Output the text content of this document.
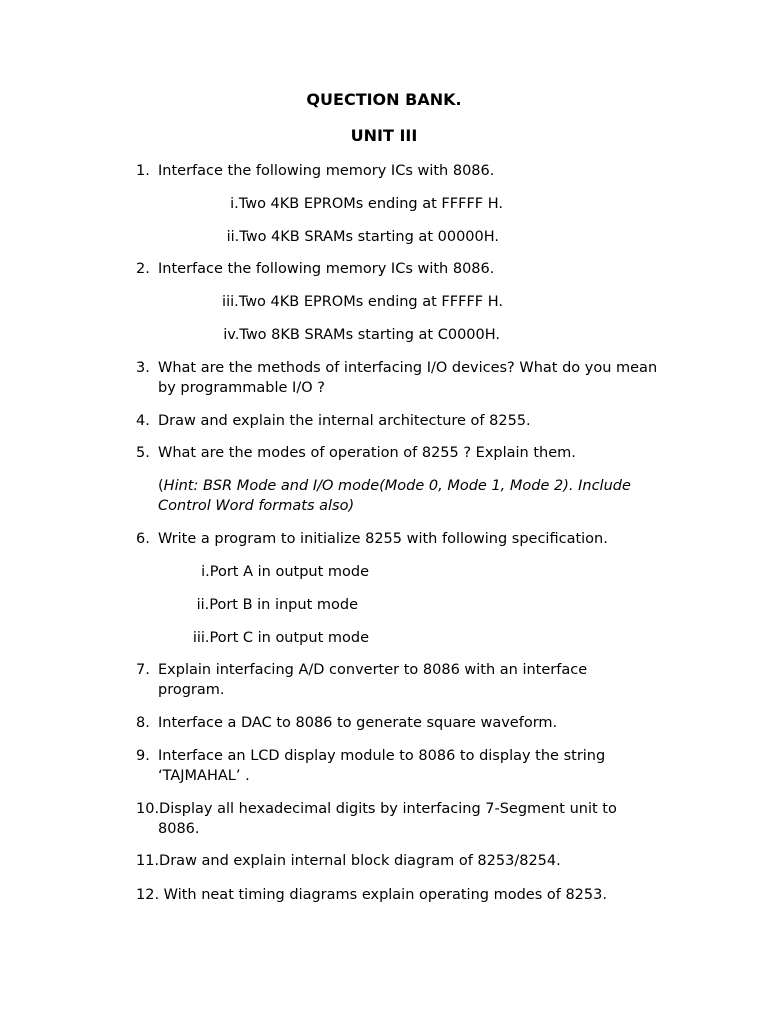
QUECTION BANK.
UNIT III
1. Interface the following memory ICs with 8086.
i.Two 4KB EPROMs ending at FFFFF H.
ii.Two 4KB SRAMs starting at 00000H.
2. Interface the following memory ICs with 8086.
iii.Two 4KB EPROMs ending at FFFFF H.
iv.Two 8KB SRAMs starting at C0000H.
3. What are the methods of interfacing I/O devices? What do you mean
by programmable I/O ?
4. Draw and explain the internal architecture of 8255.
5. What are the modes of operation of 8255 ? Explain them.
(Hint: BSR Mode and I/O mode(Mode 0, Mode 1, Mode 2). Include
Control Word formats also)
6. Write a program to initialize 8255 with following specification.
i.Port A in output mode
ii.Port B in input mode
iii.Port C in output mode
7. Explain interfacing A/D converter to 8086 with an interface
program.
8. Interface a DAC to 8086 to generate square waveform.
9. Interface an LCD display module to 8086 to display the string
‘TAJMAHAL’ .
10.Display all hexadecimal digits by interfacing 7-Segment unit to
8086.
11.Draw and explain internal block diagram of 8253/8254.
12. With neat timing diagrams explain operating modes of 8253.
